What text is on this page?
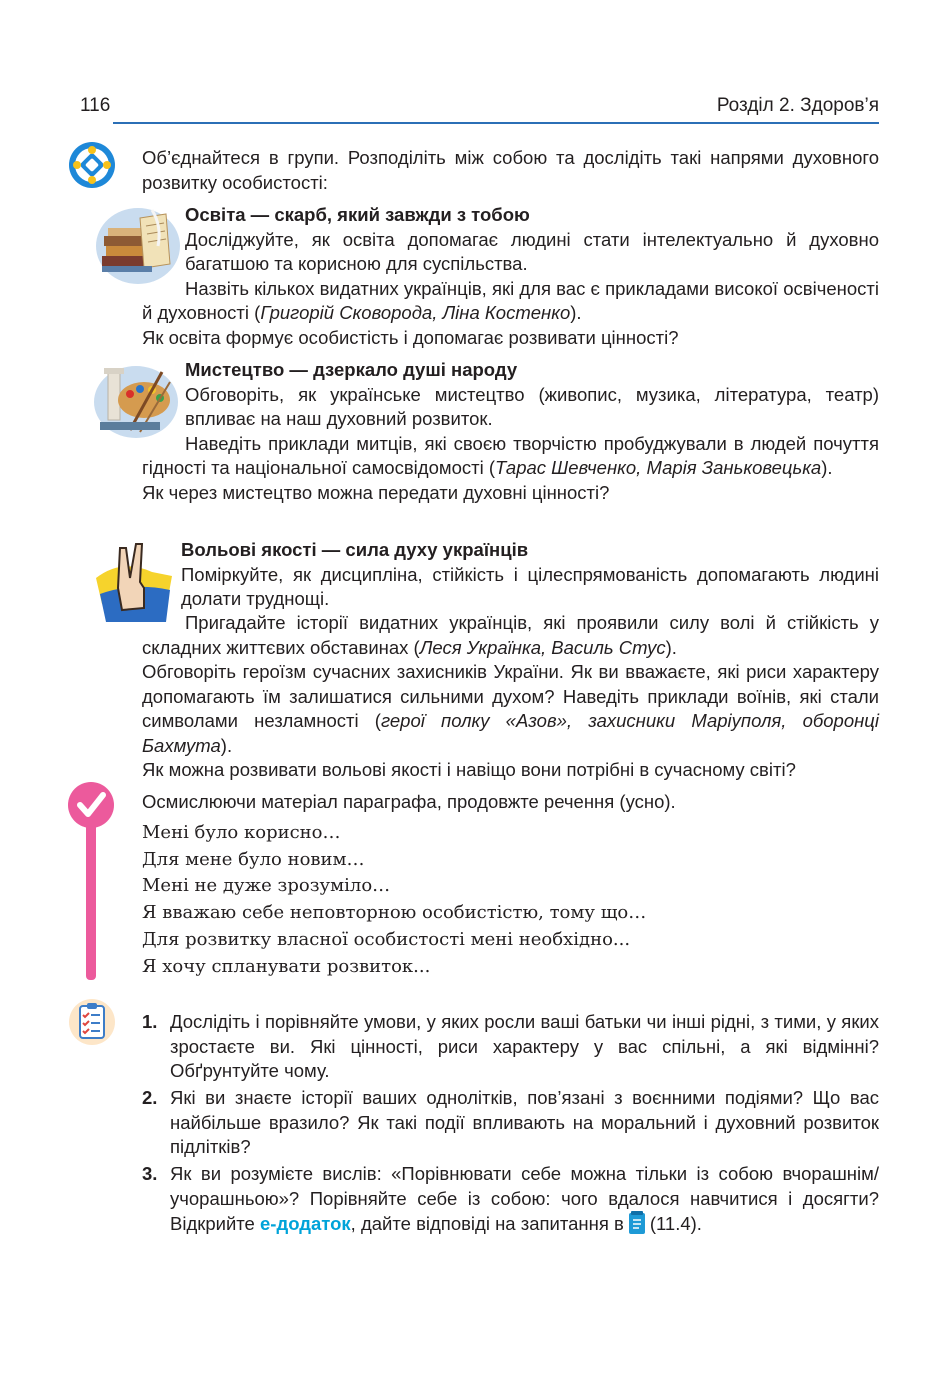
116	Розділ 2. Здоров’я
Об’єднайтеся в групи. Розподіліть між собою та дослідіть такі напрями духовного розвитку особистості:
Освіта — скарб, який завжди з тобою
Досліджуйте, як освіта допомагає людині стати інтелектуально й духовно багатшою та корисною для суспільства.

Назвіть кількох видатних українців, які для вас є прикладами високої освіченості й духовності (Григорій Сковорода, Ліна Костенко).

Як освіта формує особистість і допомагає розвивати цінності?
Мистецтво — дзеркало душі народу
Обговоріть, як українське мистецтво (живопис, музика, література, театр) впливає на наш духовний розвиток.

Наведіть приклади митців, які своєю творчістю пробуджували в людей почуття гідності та національної самосвідомості (Тарас Шевченко, Марія Заньковецька).

Як через мистецтво можна передати духовні цінності?
Вольові якості — сила духу українців
Поміркуйте, як дисципліна, стійкість і цілеспрямованість допомагають людині долати труднощі.

Пригадайте історії видатних українців, які проявили силу волі й стійкість у складних життєвих обставинах (Леся Українка, Василь Стус).

Обговоріть героїзм сучасних захисників України. Як ви вважаєте, які риси характеру допомагають їм залишатися сильними духом? Наведіть приклади воїнів, які стали символами незламності (герої полку «Азов», захисники Маріуполя, оборонці Бахмута).

Як можна розвивати вольові якості і навіщо вони потрібні в сучасному світі?
Осмислюючи матеріал параграфа, продовжте речення (усно).
Мені було корисно…
Для мене було новим…
Мені не дуже зрозуміло…
Я вважаю себе неповторною особистістю, тому що…
Для розвитку власної особистості мені необхідно...
Я хочу спланувати розвиток...
1. Дослідіть і порівняйте умови, у яких росли ваші батьки чи інші рідні, з тими, у яких зростаєте ви. Які цінності, риси характеру у вас спільні, а які відмінні? Обґрунтуйте чому.
2. Які ви знаєте історії ваших однолітків, пов’язані з воєнними подіями? Що вас найбільше вразило? Як такі події впливають на моральний і духовний розвиток підлітків?
3. Як ви розумієте вислів: «Порівнювати себе можна тільки із собою вчорашнім/учорашньою»? Порівняйте себе із собою: чого вдалося навчитися і досягти? Відкрийте е-додаток, дайте відповіді на запитання в (11.4).
